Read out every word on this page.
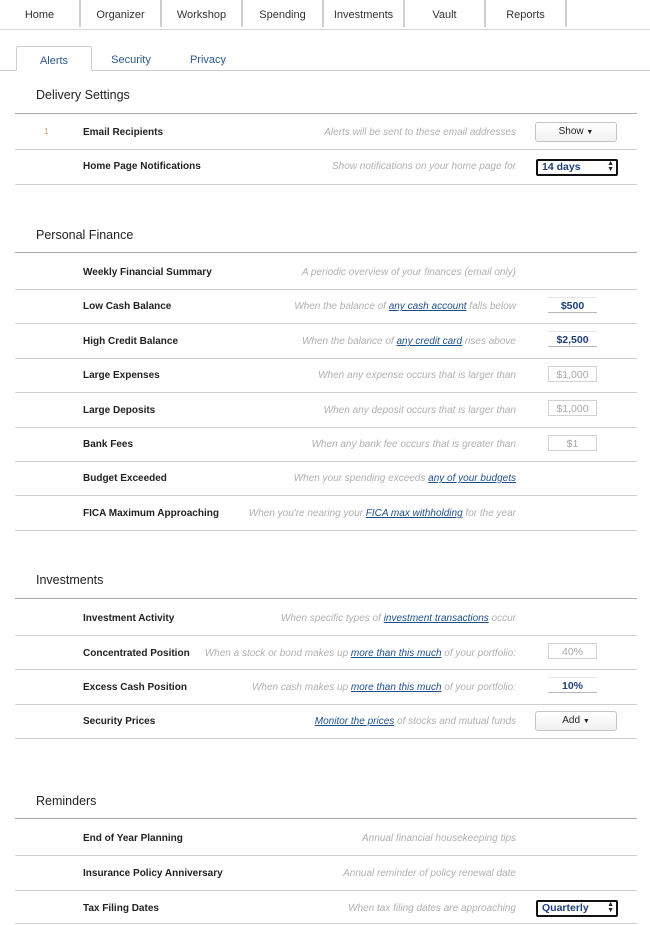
Home	Organizer	Workshop	Spending	Investments	Vault	Reports
Alerts	Security	Privacy
Delivery Settings
1	Email Recipients	Alerts will be sent to these email addresses	Show ▼
Home Page Notifications	Show notifications on your home page for	14 days	▲
▼
Personal Finance
Weekly Financial Summary	A periodic overview of your finances (email only)
Low Cash Balance	When the balance of any cash account falls below	$500
High Credit Balance	When the balance of any credit card rises above	$2,500
Large Expenses	When any expense occurs that is larger than	$1,000
Large Deposits	When any deposit occurs that is larger than	$1,000
Bank Fees	When any bank fee occurs that is greater than	$1
Budget Exceeded	When your spending exceeds any of your budgets
FICA Maximum Approaching	When you're nearing your FICA max withholding for the year
Investments
Investment Activity	When specific types of investment transactions occur
Concentrated Position When a stock or bond makes up more than this much of your portfolio:	40%
Excess Cash Position	When cash makes up more than this much of your portfolio:	10%
Security Prices	Monitor the prices of stocks and mutual funds	Add ▼
Reminders
End of Year Planning	Annual financial housekeeping tips
Insurance Policy Anniversary	Annual reminder of policy renewal date
Tax Filing Dates	When tax filing dates are approaching	Quarterly	▲
▼
